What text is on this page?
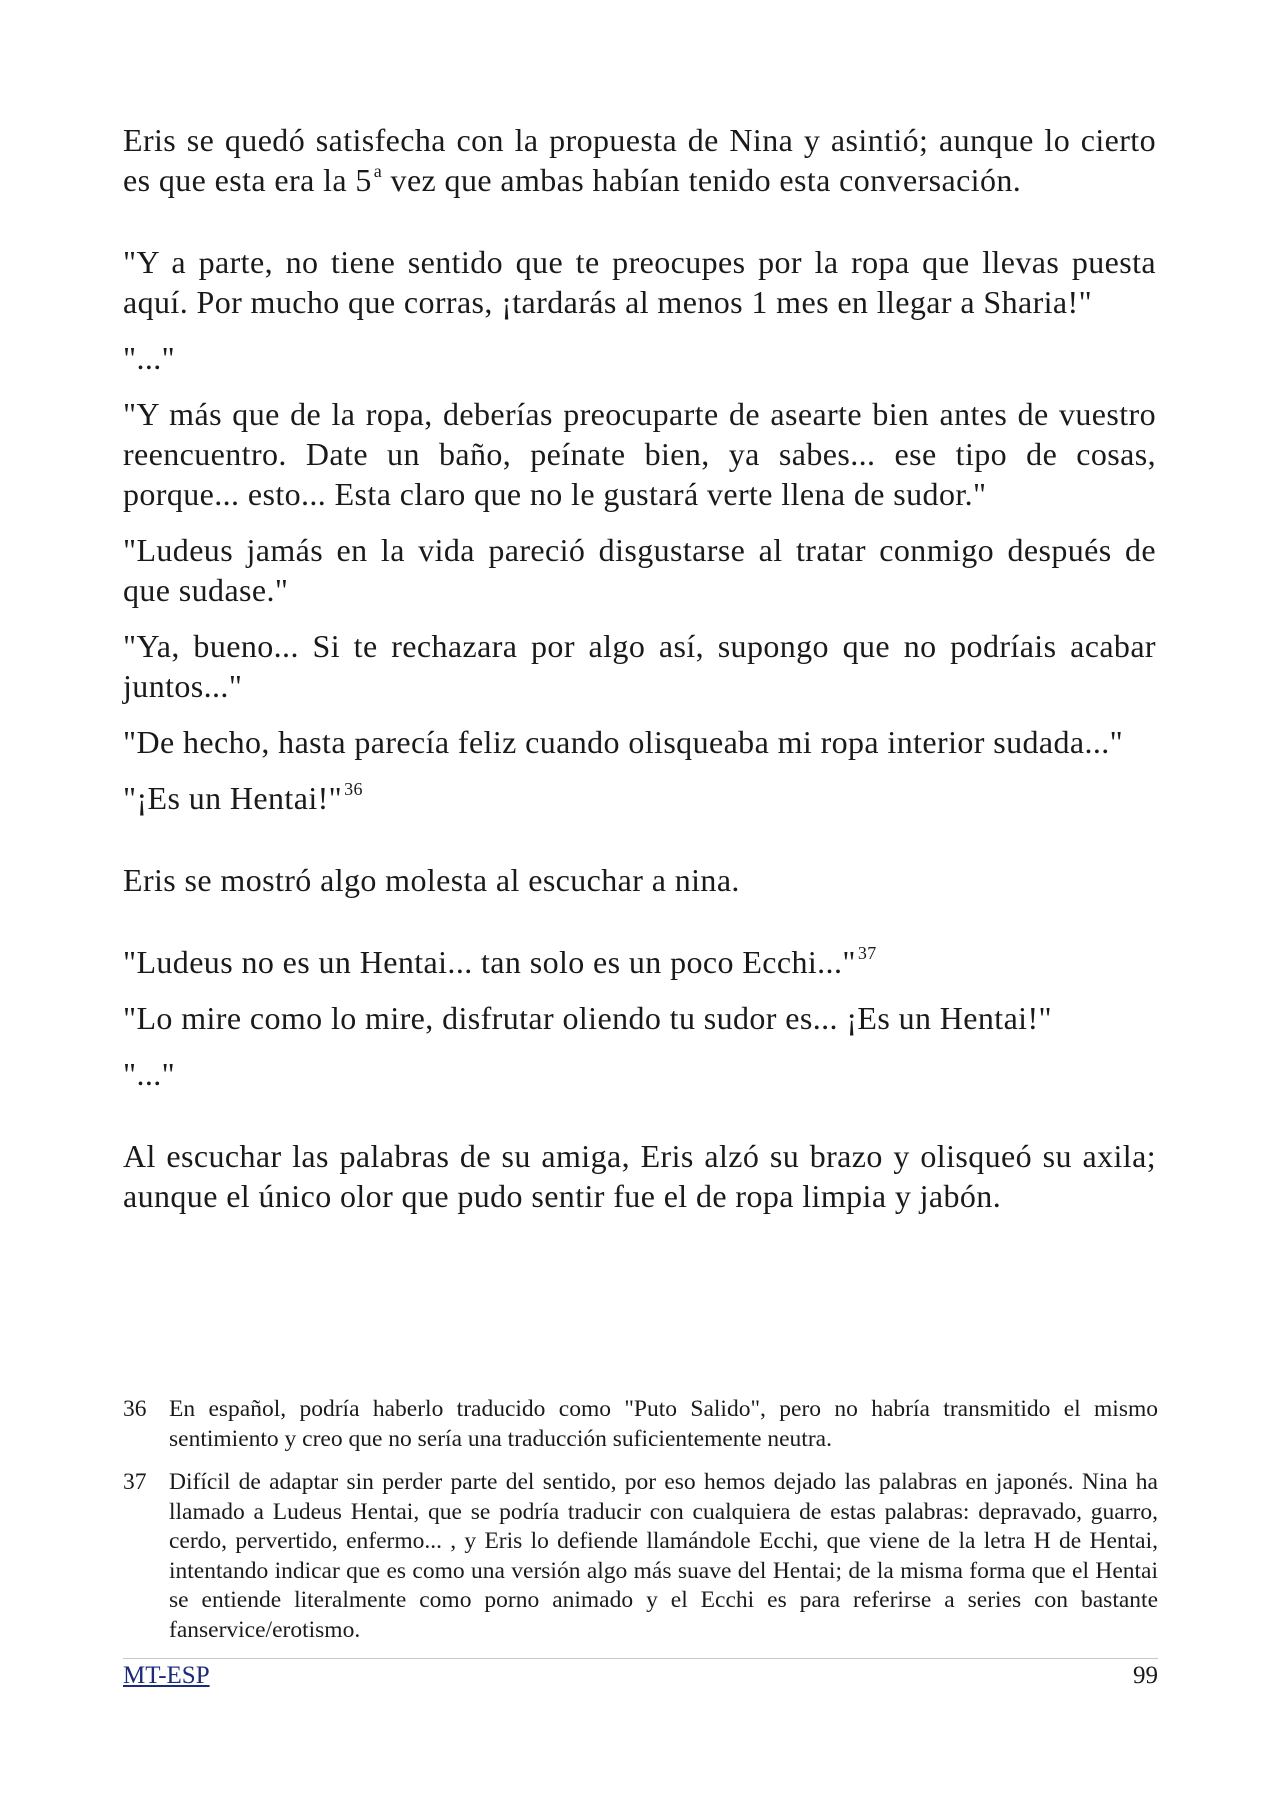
Eris se quedó satisfecha con la propuesta de Nina y asintió; aunque lo cierto es que esta era la 5 $^a$ vez que ambas habían tenido esta conversación.

"Y a parte, no tiene sentido que te preocupes por la ropa que llevas puesta aquí. Por mucho que corras, ¡tardarás al menos 1 mes en llegar a Sharia!"

"..."

"Y más que de la ropa, deberías preocuparte de asearte bien antes de vuestro reencuentro. Date un baño, peínate bien, ya sabes... ese tipo de cosas, porque... esto... Esta claro que no le gustará verte llena de sudor."

"Ludeus jamás en la vida pareció disgustarse al tratar conmigo después de que sudase."

"Ya, bueno... Si te rechazara por algo así, supongo que no podríais acabar juntos..."

"De hecho, hasta parecía feliz cuando olisqueaba mi ropa interior sudada..."

"¡Es un Hentai!" $^{36}$

Eris se mostró algo molesta al escuchar a nina.

"Ludeus no es un Hentai... tan solo es un poco Ecchi..." $^{37}$

"Lo mire como lo mire, disfrutar oliendo tu sudor es... ¡Es un Hentai!"

"..."

Al escuchar las palabras de su amiga, Eris alzó su brazo y olisqueó su axila; aunque el único olor que pudo sentir fue el de ropa limpia y jabón.

36 En español, podría haberlo traducido como "Puto Salido", pero no habría transmitido el mismo sentimiento y creo que no sería una traducción suficientemente neutra.
37 Difícil de adaptar sin perder parte del sentido, por eso hemos dejado las palabras en japonés. Nina ha llamado a Ludeus Hentai, que se podría traducir con cualquiera de estas palabras: depravado, guarro, cerdo, pervertido, enfermo... , y Eris lo defiende llamándole Ecchi, que viene de la letra H de Hentai, intentando indicar que es como una versión algo más suave del Hentai; de la misma forma que el Hentai se entiende literalmente como porno animado y el Ecchi es para referirse a series con bastante fanservice/erotismo.
MT-ESP	99
